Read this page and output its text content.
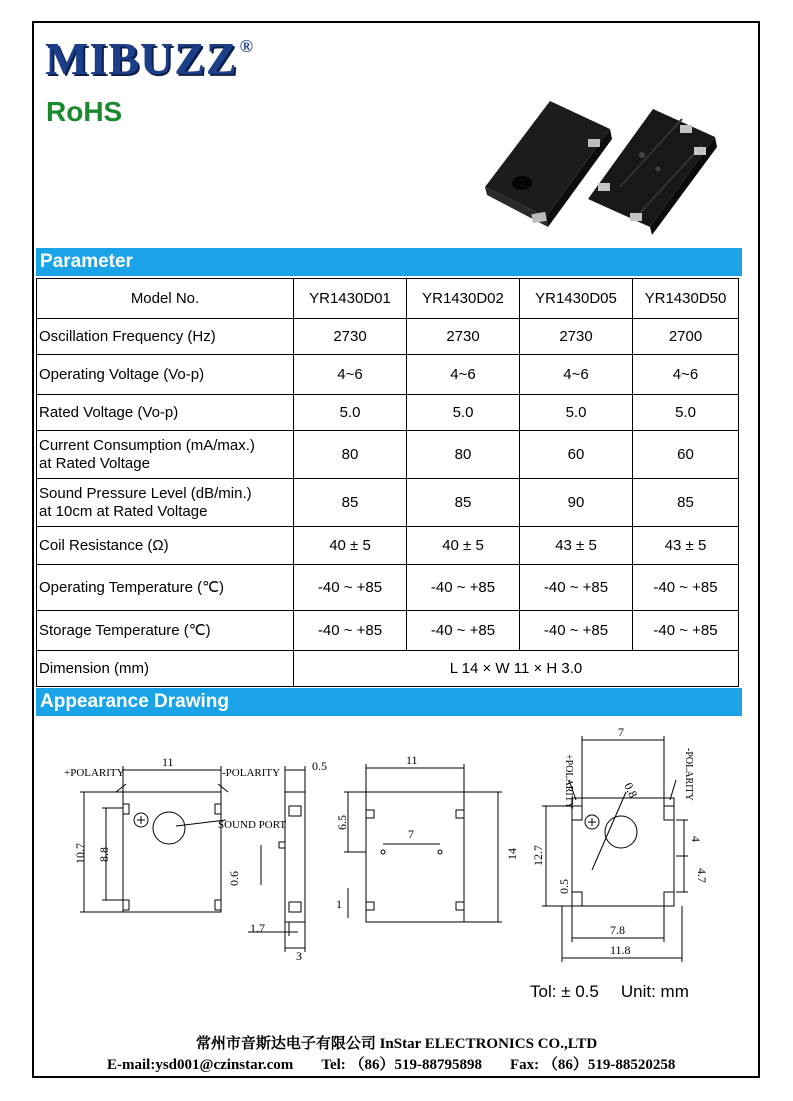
MIBUZZ ®
RoHS
Parameter
Model No.	YR1430D01	YR1430D02	YR1430D05	YR1430D50
Oscillation Frequency (Hz)	2730	2730	2730	2700
Operating Voltage (Vo-p)	4~6	4~6	4~6	4~6
Rated Voltage (Vo-p)	5.0	5.0	5.0	5.0
Current Consumption (mA/max.)
at Rated Voltage	80	80	60	60
Sound Pressure Level (dB/min.)
at 10cm at Rated Voltage	85	85	90	85
Coil Resistance (Ω)	40 ± 5	40 ± 5	43 ± 5	43 ± 5
Operating Temperature (℃)	-40 ~ +85	-40 ~ +85	-40 ~ +85	-40 ~ +85
Storage Temperature (℃)	-40 ~ +85	-40 ~ +85	-40 ~ +85	-40 ~ +85
Dimension (mm)	L 14 × W 11 × H 3.0			
Appearance Drawing
11
+POLARITY	-POLARITY
SOUND PORT
10.7 8.8
0.5
0.6
1.7
3
11
7
6.5
14
1
7
0.8
12.7
0.5
4
4.7
7.8
11.8
+POLARITY	-POLARITY
Tol: ± 0.5 Unit: mm
常州市音斯达电子有限公司 InStar ELECTRONICS CO.,LTD
E-mail:ysd001@czinstar.com Tel: （86）519-88795898 Fax: （86）519-88520258
